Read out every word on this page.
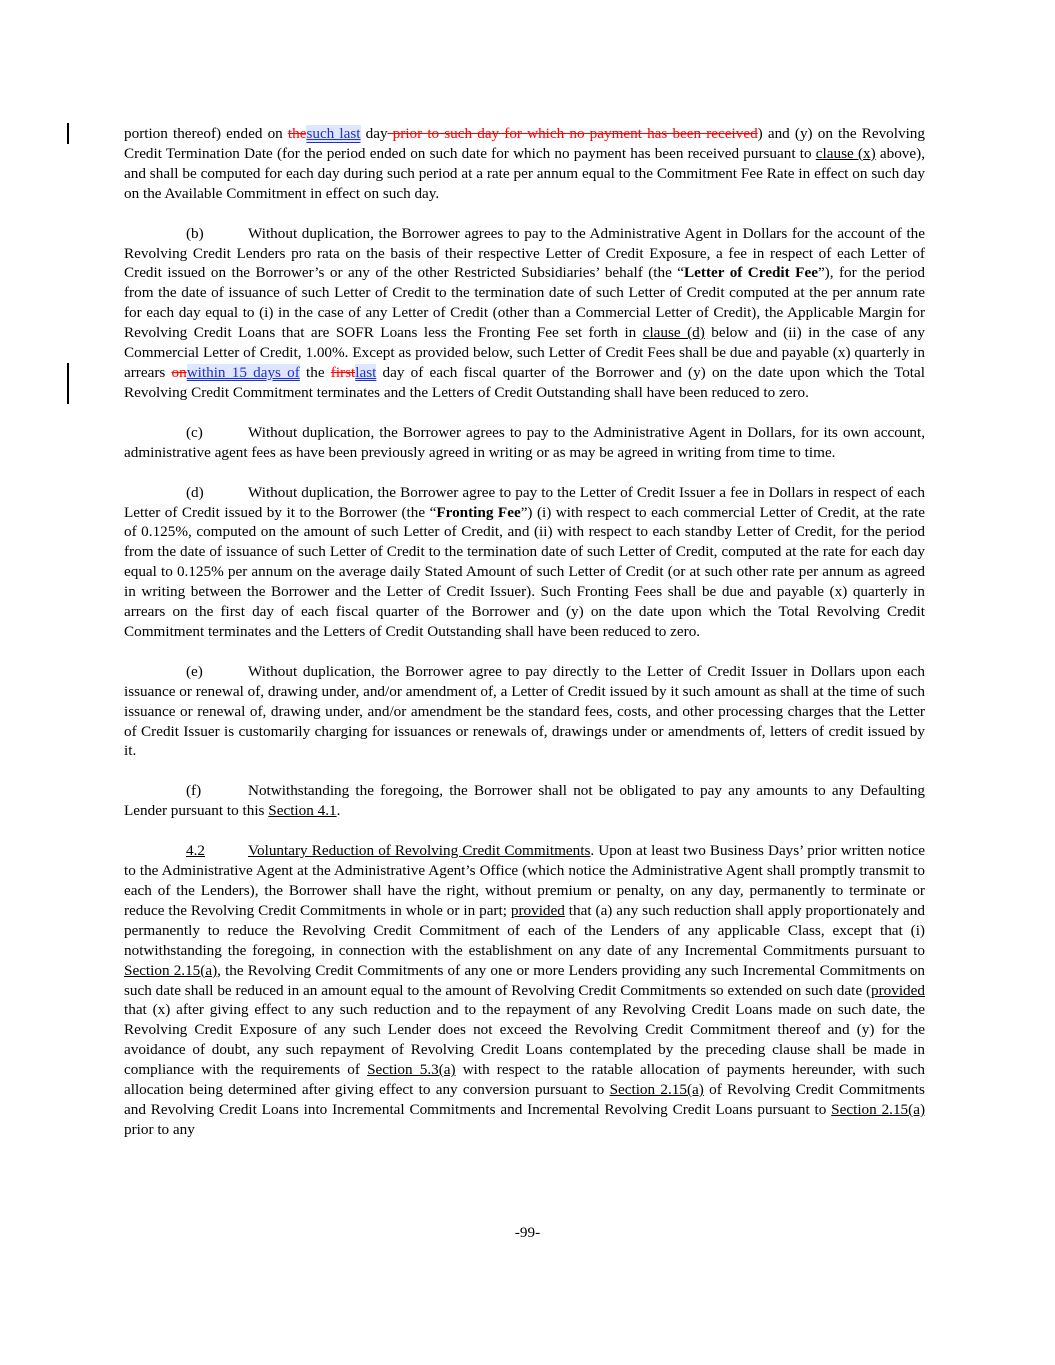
portion thereof) ended on thesuch last day prior to such day for which no payment has been received) and (y) on the Revolving Credit Termination Date (for the period ended on such date for which no payment has been received pursuant to clause (x) above), and shall be computed for each day during such period at a rate per annum equal to the Commitment Fee Rate in effect on such day on the Available Commitment in effect on such day.

(b)	Without duplication, the Borrower agrees to pay to the Administrative Agent in Dollars for the account of the Revolving Credit Lenders pro rata on the basis of their respective Letter of Credit Exposure, a fee in respect of each Letter of Credit issued on the Borrower’s or any of the other Restricted Subsidiaries’ behalf (the “Letter of Credit Fee”), for the period from the date of issuance of such Letter of Credit to the termination date of such Letter of Credit computed at the per annum rate for each day equal to (i) in the case of any Letter of Credit (other than a Commercial Letter of Credit), the Applicable Margin for Revolving Credit Loans that are SOFR Loans less the Fronting Fee set forth in clause (d) below and (ii) in the case of any Commercial Letter of Credit, 1.00%. Except as provided below, such Letter of Credit Fees shall be due and payable (x) quarterly in arrears onwithin 15 days of the firstlast day of each fiscal quarter of the Borrower and (y) on the date upon which the Total Revolving Credit Commitment terminates and the Letters of Credit Outstanding shall have been reduced to zero.

(c)	Without duplication, the Borrower agrees to pay to the Administrative Agent in Dollars, for its own account, administrative agent fees as have been previously agreed in writing or as may be agreed in writing from time to time.

(d)	Without duplication, the Borrower agree to pay to the Letter of Credit Issuer a fee in Dollars in respect of each Letter of Credit issued by it to the Borrower (the “Fronting Fee”) (i) with respect to each commercial Letter of Credit, at the rate of 0.125%, computed on the amount of such Letter of Credit, and (ii) with respect to each standby Letter of Credit, for the period from the date of issuance of such Letter of Credit to the termination date of such Letter of Credit, computed at the rate for each day equal to 0.125% per annum on the average daily Stated Amount of such Letter of Credit (or at such other rate per annum as agreed in writing between the Borrower and the Letter of Credit Issuer). Such Fronting Fees shall be due and payable (x) quarterly in arrears on the first day of each fiscal quarter of the Borrower and (y) on the date upon which the Total Revolving Credit Commitment terminates and the Letters of Credit Outstanding shall have been reduced to zero.

(e)	Without duplication, the Borrower agree to pay directly to the Letter of Credit Issuer in Dollars upon each issuance or renewal of, drawing under, and/or amendment of, a Letter of Credit issued by it such amount as shall at the time of such issuance or renewal of, drawing under, and/or amendment be the standard fees, costs, and other processing charges that the Letter of Credit Issuer is customarily charging for issuances or renewals of, drawings under or amendments of, letters of credit issued by it.

(f)	Notwithstanding the foregoing, the Borrower shall not be obligated to pay any amounts to any Defaulting Lender pursuant to this Section 4.1.

4.2	Voluntary Reduction of Revolving Credit Commitments. Upon at least two Business Days’ prior written notice to the Administrative Agent at the Administrative Agent’s Office (which notice the Administrative Agent shall promptly transmit to each of the Lenders), the Borrower shall have the right, without premium or penalty, on any day, permanently to terminate or reduce the Revolving Credit Commitments in whole or in part; provided that (a) any such reduction shall apply proportionately and permanently to reduce the Revolving Credit Commitment of each of the Lenders of any applicable Class, except that (i) notwithstanding the foregoing, in connection with the establishment on any date of any Incremental Commitments pursuant to Section 2.15(a), the Revolving Credit Commitments of any one or more Lenders providing any such Incremental Commitments on such date shall be reduced in an amount equal to the amount of Revolving Credit Commitments so extended on such date (provided that (x) after giving effect to any such reduction and to the repayment of any Revolving Credit Loans made on such date, the Revolving Credit Exposure of any such Lender does not exceed the Revolving Credit Commitment thereof and (y) for the avoidance of doubt, any such repayment of Revolving Credit Loans contemplated by the preceding clause shall be made in compliance with the requirements of Section 5.3(a) with respect to the ratable allocation of payments hereunder, with such allocation being determined after giving effect to any conversion pursuant to Section 2.15(a) of Revolving Credit Commitments and Revolving Credit Loans into Incremental Commitments and Incremental Revolving Credit Loans pursuant to Section 2.15(a) prior to any

-99-
